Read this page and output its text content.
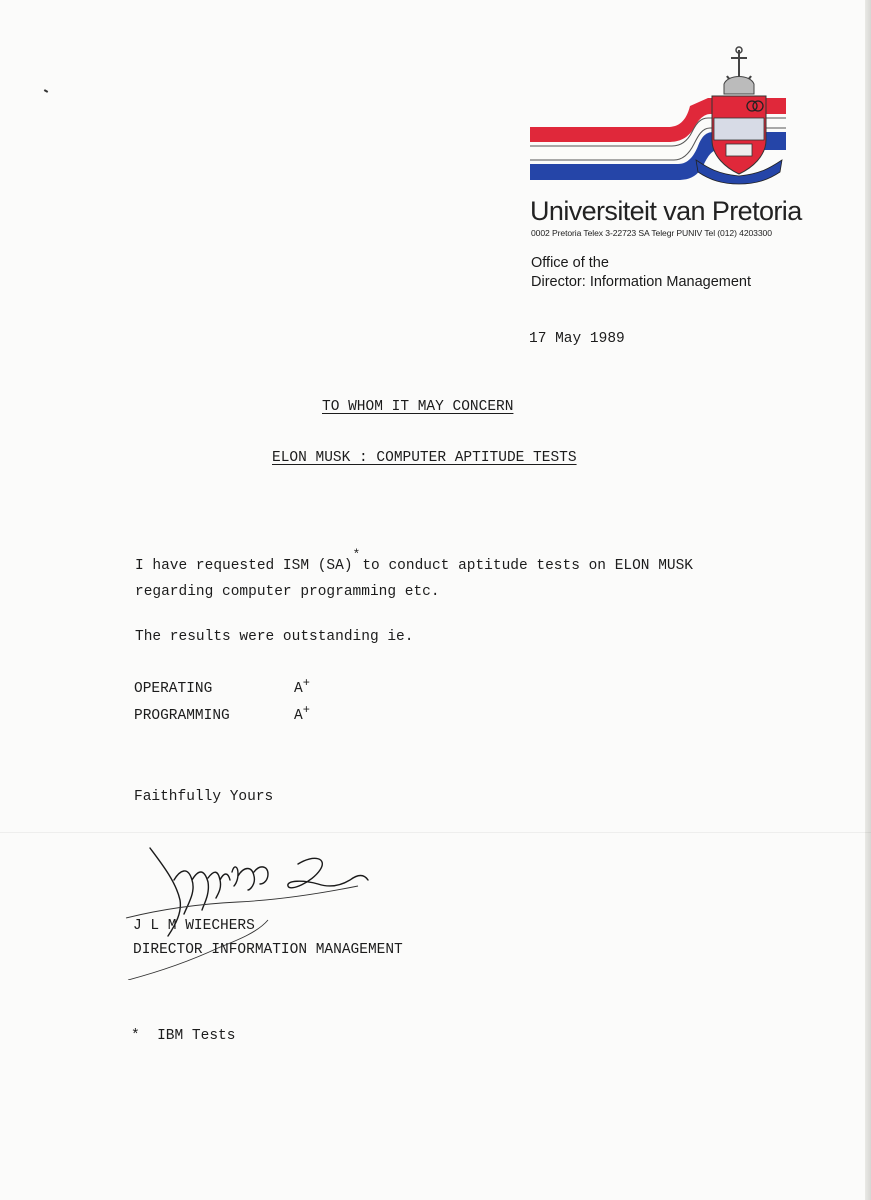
Universiteit van Pretoria
0002 Pretoria Telex 3-22723 SA Telegr PUNIV Tel (012) 4203300
Office of the
Director: Information Management
17 May 1989
TO WHOM IT MAY CONCERN
ELON MUSK : COMPUTER APTITUDE TESTS
I have requested ISM (SA)*to conduct aptitude tests on ELON MUSK
regarding computer programming etc.
The results were outstanding ie.
OPERATING	A+
PROGRAMMING	A+
Faithfully Yours
J L M WIECHERS
DIRECTOR INFORMATION MANAGEMENT
* IBM Tests
